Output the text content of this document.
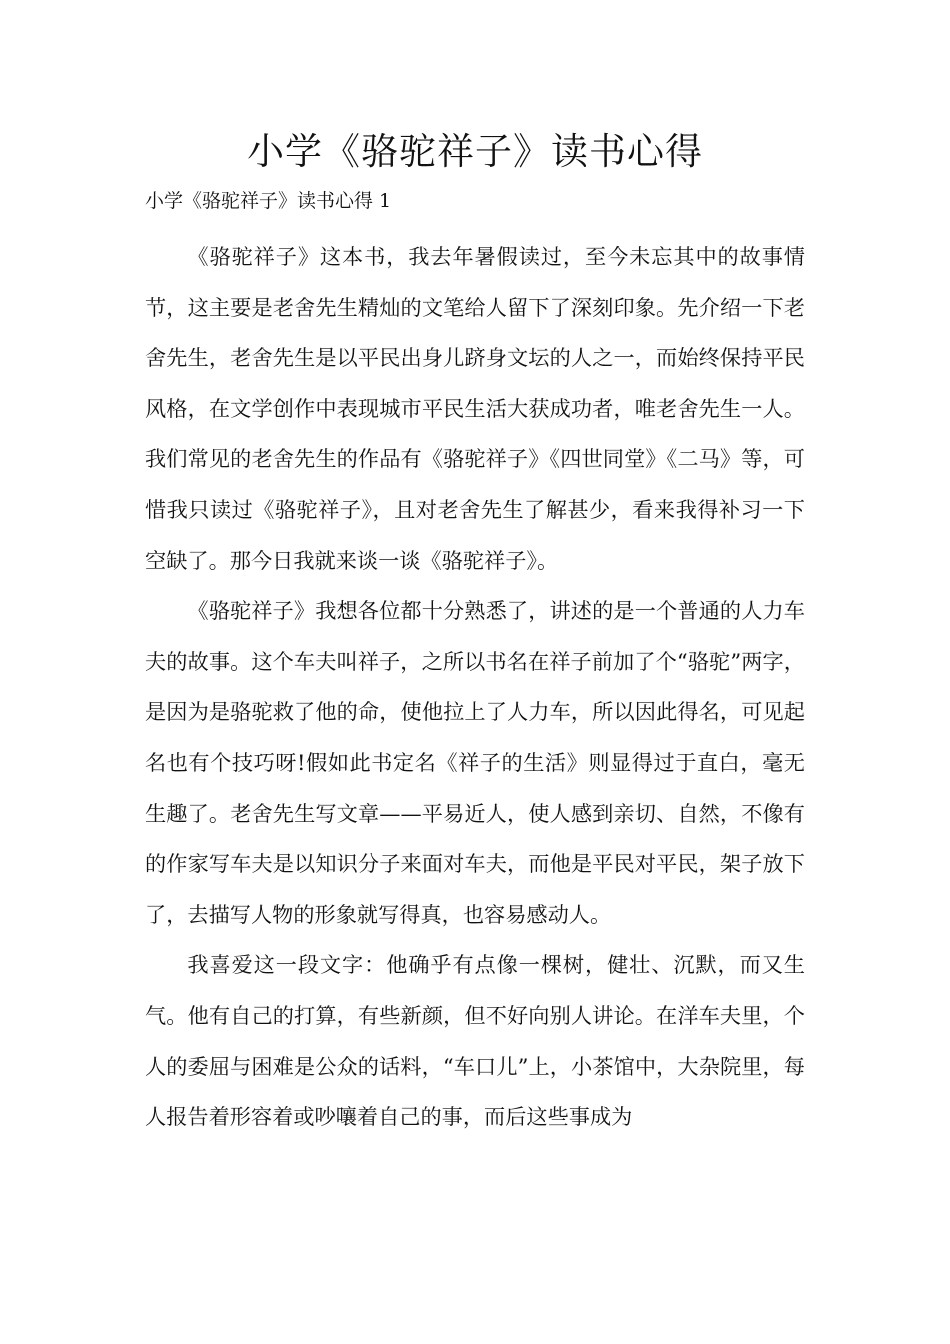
小学《骆驼祥子》读书心得

小学《骆驼祥子》读书心得 1

《骆驼祥子》这本书，我去年暑假读过，至今未忘其中的故事情节，这主要是老舍先生精灿的文笔给人留下了深刻印象。先介绍一下老舍先生，老舍先生是以平民出身儿跻身文坛的人之一，而始终保持平民风格，在文学创作中表现城市平民生活大获成功者，唯老舍先生一人。我们常见的老舍先生的作品有《骆驼祥子》《四世同堂》《二马》等，可惜我只读过《骆驼祥子》，且对老舍先生了解甚少，看来我得补习一下空缺了。那今日我就来谈一谈《骆驼祥子》。

《骆驼祥子》我想各位都十分熟悉了，讲述的是一个普通的人力车夫的故事。这个车夫叫祥子，之所以书名在祥子前加了个“骆驼”两字，是因为是骆驼救了他的命，使他拉上了人力车，所以因此得名，可见起名也有个技巧呀!假如此书定名《祥子的生活》则显得过于直白，毫无生趣了。老舍先生写文章——平易近人，使人感到亲切、自然，不像有的作家写车夫是以知识分子来面对车夫，而他是平民对平民，架子放下了，去描写人物的形象就写得真，也容易感动人。

我喜爱这一段文字：他确乎有点像一棵树，健壮、沉默，而又生气。他有自己的打算，有些新颜，但不好向别人讲论。在洋车夫里，个人的委屈与困难是公众的话料，“车口儿”上，小茶馆中，大杂院里，每人报告着形容着或吵嚷着自己的事，而后这些事成为
